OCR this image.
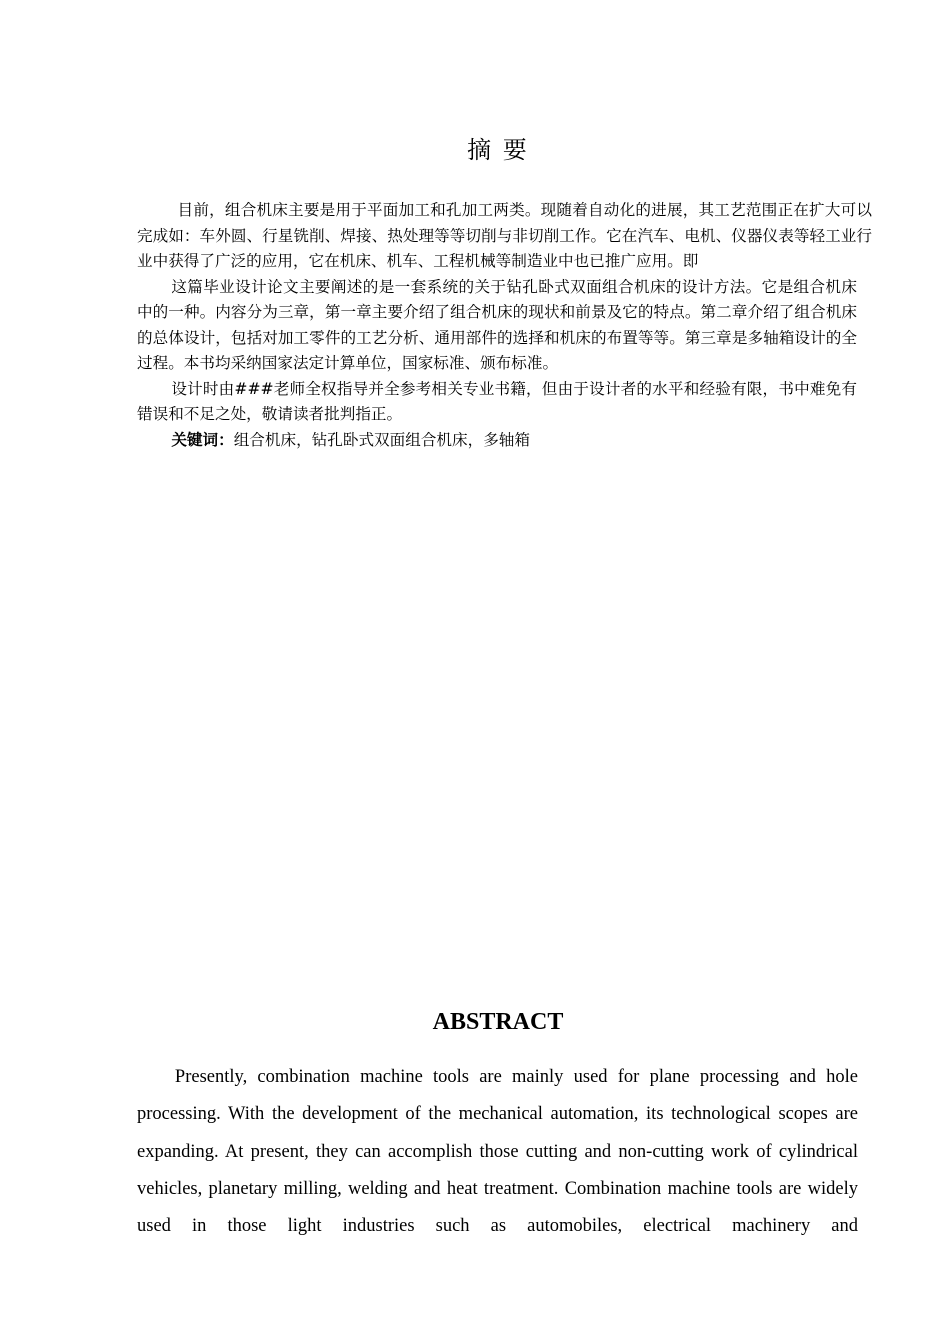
摘 要

目前，组合机床主要是用于平面加工和孔加工两类。现随着自动化的进展，其工艺范围正在扩大可以完成如：车外圆、行星铣削、焊接、热处理等等切削与非切削工作。它在汽车、电机、仪器仪表等轻工业行业中获得了广泛的应用，它在机床、机车、工程机械等制造业中也已推广应用。即

这篇毕业设计论文主要阐述的是一套系统的关于钻孔卧式双面组合机床的设计方法。它是组合机床中的一种。内容分为三章，第一章主要介绍了组合机床的现状和前景及它的特点。第二章介绍了组合机床的总体设计，包括对加工零件的工艺分析、通用部件的选择和机床的布置等等。第三章是多轴箱设计的全过程。本书均采纳国家法定计算单位，国家标准、颁布标准。

设计时由###老师全权指导并全参考相关专业书籍，但由于设计者的水平和经验有限，书中难免有错误和不足之处，敬请读者批判指正。

关键词：组合机床，钻孔卧式双面组合机床，多轴箱

ABSTRACT

Presently, combination machine tools are mainly used for plane processing and hole processing. With the development of the mechanical automation, its technological scopes are expanding. At present, they can accomplish those cutting and non-cutting work of cylindrical vehicles, planetary milling, welding and heat treatment. Combination machine tools are widely used in those light industries such as automobiles, electrical machinery and
